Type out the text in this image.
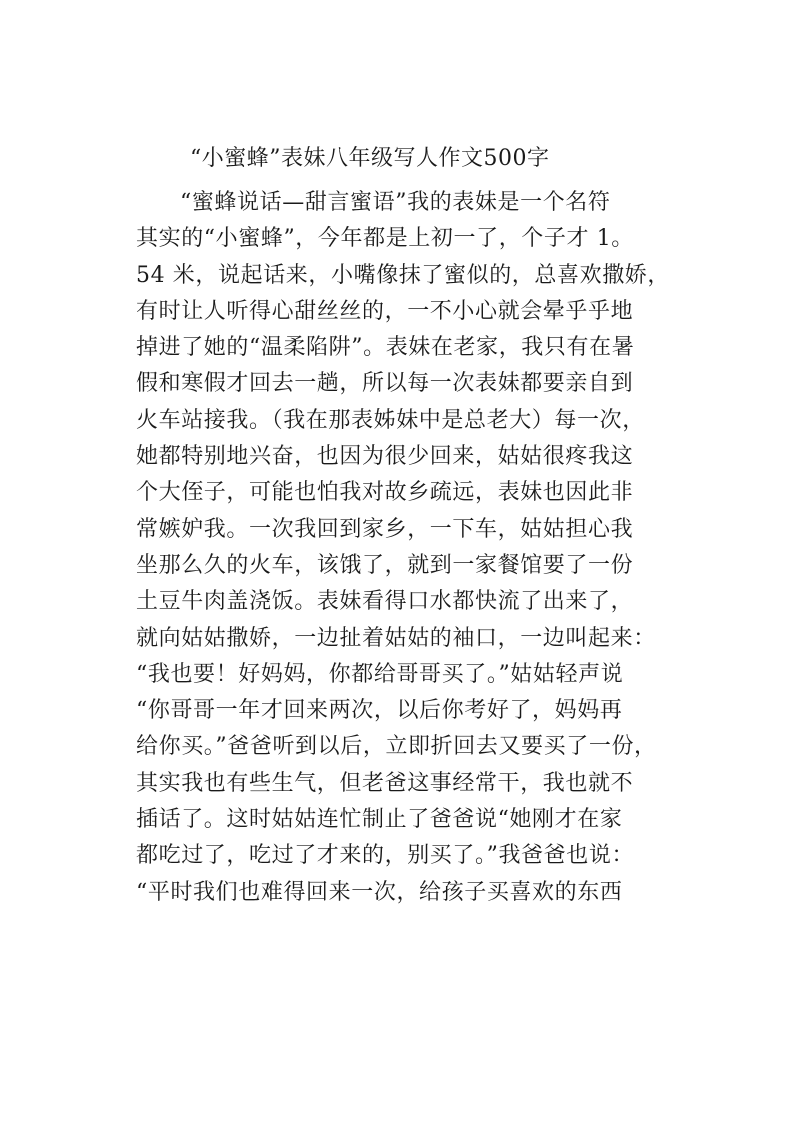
“小蜜蜂”表妹八年级写人作文500字
“蜜蜂说话—甜言蜜语”我的表妹是一个名符
其实的“小蜜蜂”，今年都是上初一了，个子才 1。
54 米，说起话来，小嘴像抹了蜜似的，总喜欢撒娇，
有时让人听得心甜丝丝的，一不小心就会晕乎乎地
掉进了她的“温柔陷阱”。表妹在老家，我只有在暑
假和寒假才回去一趟，所以每一次表妹都要亲自到
火车站接我。（我在那表姊妹中是总老大）每一次，
她都特别地兴奋，也因为很少回来，姑姑很疼我这
个大侄子，可能也怕我对故乡疏远，表妹也因此非
常嫉妒我。一次我回到家乡，一下车，姑姑担心我
坐那么久的火车，该饿了，就到一家餐馆要了一份
土豆牛肉盖浇饭。表妹看得口水都快流了出来了，
就向姑姑撒娇，一边扯着姑姑的袖口，一边叫起来：
“我也要！好妈妈，你都给哥哥买了。”姑姑轻声说
“你哥哥一年才回来两次，以后你考好了，妈妈再
给你买。”爸爸听到以后，立即折回去又要买了一份，
其实我也有些生气，但老爸这事经常干，我也就不
插话了。这时姑姑连忙制止了爸爸说“她刚才在家
都吃过了，吃过了才来的，别买了。”我爸爸也说：
“平时我们也难得回来一次，给孩子买喜欢的东西
